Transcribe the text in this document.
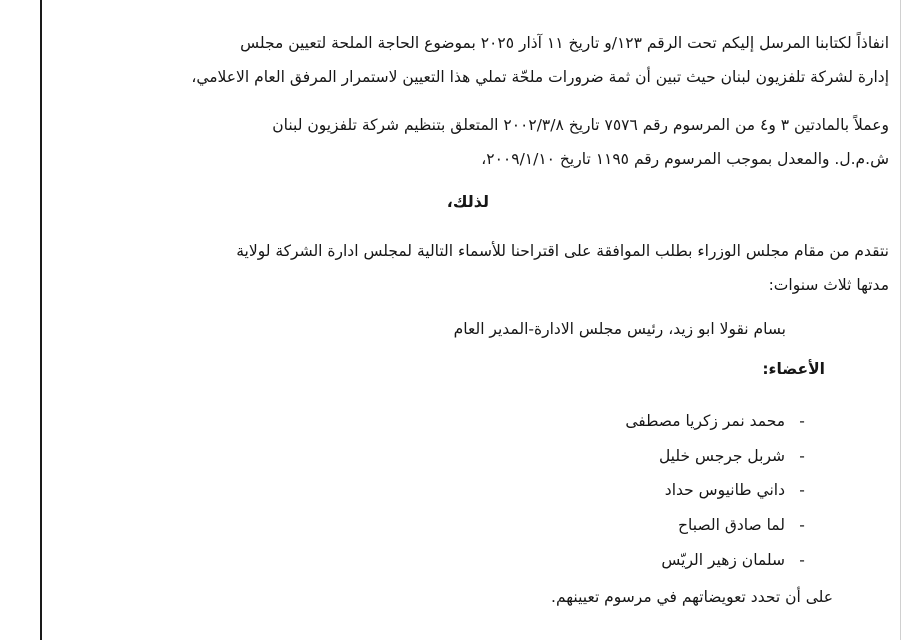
انفاذاً لكتابنا المرسل إليكم تحت الرقم ١٢٣/و تاريخ ١١ آذار ٢٠٢٥ بموضوع الحاجة الملحة لتعيين مجلس
إدارة لشركة تلفزيون لبنان حيث تبين أن ثمة ضرورات ملحّة تملي هذا التعيين لاستمرار المرفق العام الاعلامي،
وعملاً بالمادتين ٣ و٤ من المرسوم رقم ٧٥٧٦ تاريخ ٢٠٠٢/٣/٨ المتعلق بتنظيم شركة تلفزيون لبنان
ش.م.ل. والمعدل بموجب المرسوم رقم ١١٩٥ تاريخ ٢٠٠٩/١/١٠،
لذلك،
نتقدم من مقام مجلس الوزراء بطلب الموافقة على اقتراحنا للأسماء التالية لمجلس ادارة الشركة لولاية
مدتها ثلاث سنوات:
بسام نقولا ابو زيد، رئيس مجلس الادارة-المدير العام
الأعضاء:
-
محمد نمر زكريا مصطفى
-
شربل جرجس خليل
-
داني طانيوس حداد
-
لما صادق الصباح
-
سلمان زهير الريّس
على أن تحدد تعويضاتهم في مرسوم تعيينهم.
